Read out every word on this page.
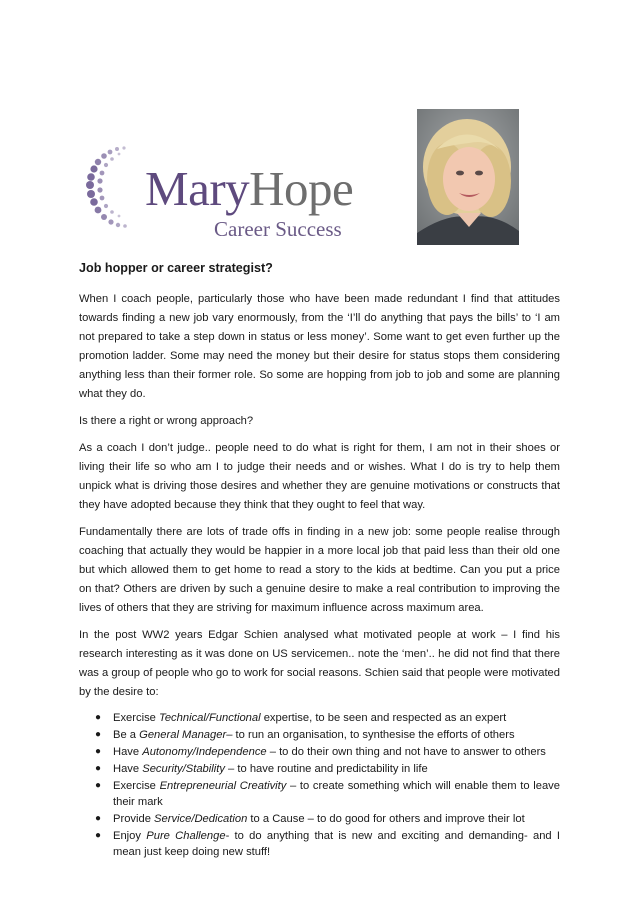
MaryHope
Career Success
Job hopper or career strategist?

When I coach people, particularly those who have been made redundant I find that attitudes towards finding a new job vary enormously, from the ‘I’ll do anything that pays the bills’ to ‘I am not prepared to take a step down in status or less money’. Some want to get even further up the promotion ladder. Some may need the money but their desire for status stops them considering anything less than their former role. So some are hopping from job to job and some are planning what they do.

Is there a right or wrong approach?

As a coach I don’t judge.. people need to do what is right for them, I am not in their shoes or living their life so who am I to judge their needs and or wishes. What I do is try to help them unpick what is driving those desires and whether they are genuine motivations or constructs that they have adopted because they think that they ought to feel that way.

Fundamentally there are lots of trade offs in finding in a new job: some people realise through coaching that actually they would be happier in a more local job that paid less than their old one but which allowed them to get home to read a story to the kids at bedtime. Can you put a price on that? Others are driven by such a genuine desire to make a real contribution to improving the lives of others that they are striving for maximum influence across maximum area.

In the post WW2 years Edgar Schien analysed what motivated people at work – I find his research interesting as it was done on US servicemen.. note the ‘men’.. he did not find that there was a group of people who go to work for social reasons. Schien said that people were motivated by the desire to:

● Exercise Technical/Functional expertise, to be seen and respected as an expert
● Be a General Manager– to run an organisation, to synthesise the efforts of others
● Have Autonomy/Independence – to do their own thing and not have to answer to others
● Have Security/Stability – to have routine and predictability in life
● Exercise Entrepreneurial Creativity – to create something which will enable them to leave their mark
● Provide Service/Dedication to a Cause – to do good for others and improve their lot
● Enjoy Pure Challenge- to do anything that is new and exciting and demanding- and I mean just keep doing new stuff!
